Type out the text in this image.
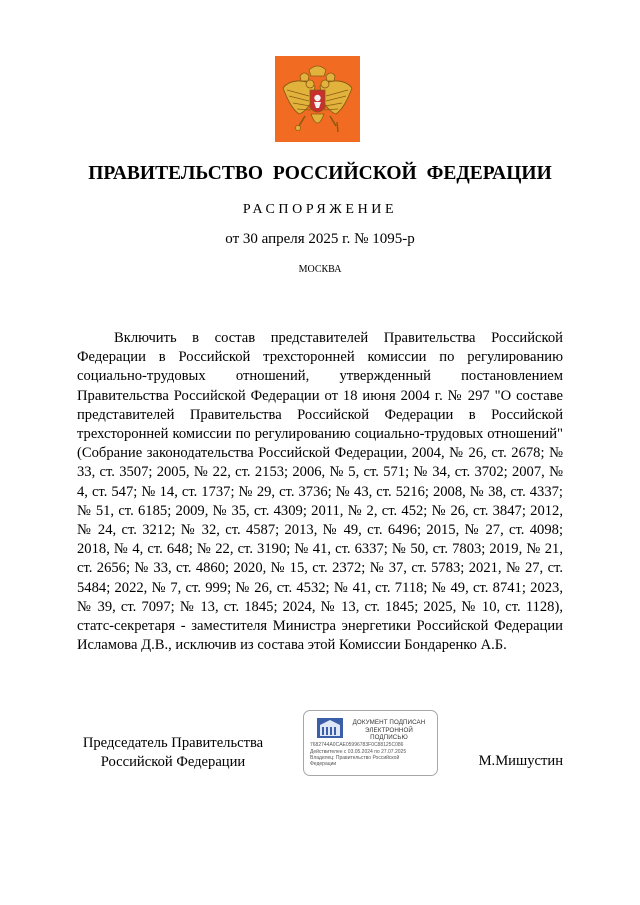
ПРАВИТЕЛЬСТВО РОССИЙСКОЙ ФЕДЕРАЦИИ
РАСПОРЯЖЕНИЕ
от 30 апреля 2025 г. № 1095-р
МОСКВА
Включить в состав представителей Правительства Российской Федерации в Российской трехсторонней комиссии по регулированию социально-трудовых отношений, утвержденный постановлением Правительства Российской Федерации от 18 июня 2004 г. № 297 "О составе представителей Правительства Российской Федерации в Российской трехсторонней комиссии по регулированию социально-трудовых отношений" (Собрание законодательства Российской Федерации, 2004, № 26, ст. 2678; № 33, ст. 3507; 2005, № 22, ст. 2153; 2006, № 5, ст. 571; № 34, ст. 3702; 2007, № 4, ст. 547; № 14, ст. 1737; № 29, ст. 3736; № 43, ст. 5216; 2008, № 38, ст. 4337; № 51, ст. 6185; 2009, № 35, ст. 4309; 2011, № 2, ст. 452; № 26, ст. 3847; 2012, № 24, ст. 3212; № 32, ст. 4587; 2013, № 49, ст. 6496; 2015, № 27, ст. 4098; 2018, № 4, ст. 648; № 22, ст. 3190; № 41, ст. 6337; № 50, ст. 7803; 2019, № 21, ст. 2656; № 33, ст. 4860; 2020, № 15, ст. 2372; № 37, ст. 5783; 2021, № 27, ст. 5484; 2022, № 7, ст. 999; № 26, ст. 4532; № 41, ст. 7118; № 49, ст. 8741; 2023, № 39, ст. 7097; № 13, ст. 1845; 2024, № 13, ст. 1845; 2025, № 10, ст. 1128), статс-секретаря - заместителя Министра энергетики Российской Федерации Исламова Д.В., исключив из состава этой Комиссии Бондаренко А.Б.
Председатель Правительства
Российской Федерации	М.Мишустин
ДОКУМЕНТ ПОДПИСАН
ЭЛЕКТРОННОЙ ПОДПИСЬЮ
7682744A0CAE05996783F0C88125C086
Действителен с 03.05.2024 по 27.07.2025
Владелец: Правительство Российской
Федерации
